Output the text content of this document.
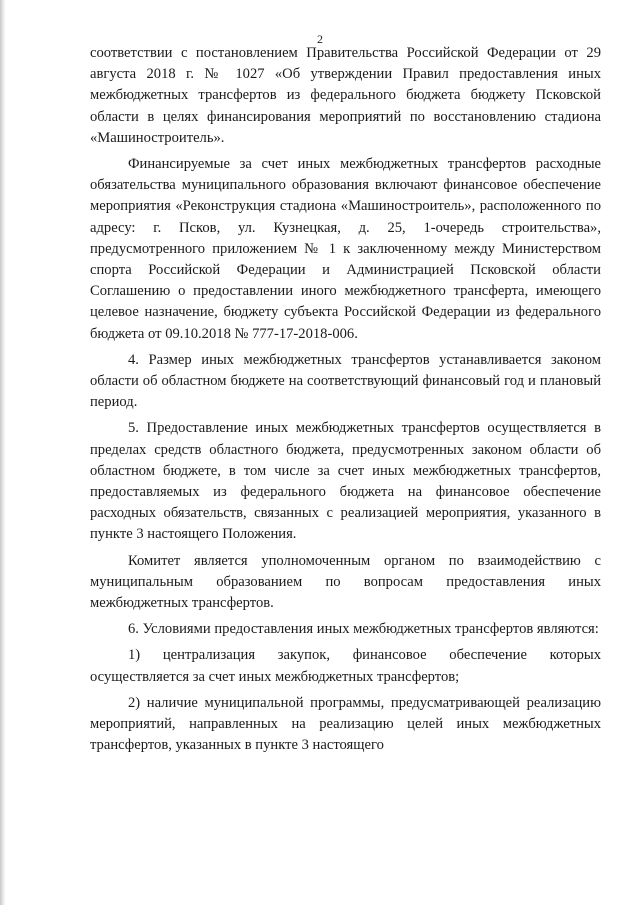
2

соответствии с постановлением Правительства Российской Федерации от 29 августа 2018 г. № 1027 «Об утверждении Правил предоставления иных межбюджетных трансфертов из федерального бюджета бюджету Псковской области в целях финансирования мероприятий по восстановлению стадиона «Машиностроитель».

Финансируемые за счет иных межбюджетных трансфертов расходные обязательства муниципального образования включают финансовое обеспечение мероприятия «Реконструкция стадиона «Машиностроитель», расположенного по адресу: г. Псков, ул. Кузнецкая, д. 25, 1-очередь строительства», предусмотренного приложением № 1 к заключенному между Министерством спорта Российской Федерации и Администрацией Псковской области Соглашению о предоставлении иного межбюджетного трансферта, имеющего целевое назначение, бюджету субъекта Российской Федерации из федерального бюджета от 09.10.2018 № 777-17-2018-006.

4. Размер иных межбюджетных трансфертов устанавливается законом области об областном бюджете на соответствующий финансовый год и плановый период.

5. Предоставление иных межбюджетных трансфертов осуществляется в пределах средств областного бюджета, предусмотренных законом области об областном бюджете, в том числе за счет иных межбюджетных трансфертов, предоставляемых из федерального бюджета на финансовое обеспечение расходных обязательств, связанных с реализацией мероприятия, указанного в пункте 3 настоящего Положения.

Комитет является уполномоченным органом по взаимодействию с муниципальным образованием по вопросам предоставления иных межбюджетных трансфертов.

6. Условиями предоставления иных межбюджетных трансфертов являются:

1) централизация закупок, финансовое обеспечение которых осуществляется за счет иных межбюджетных трансфертов;

2) наличие муниципальной программы, предусматривающей реализацию мероприятий, направленных на реализацию целей иных межбюджетных трансфертов, указанных в пункте 3 настоящего
